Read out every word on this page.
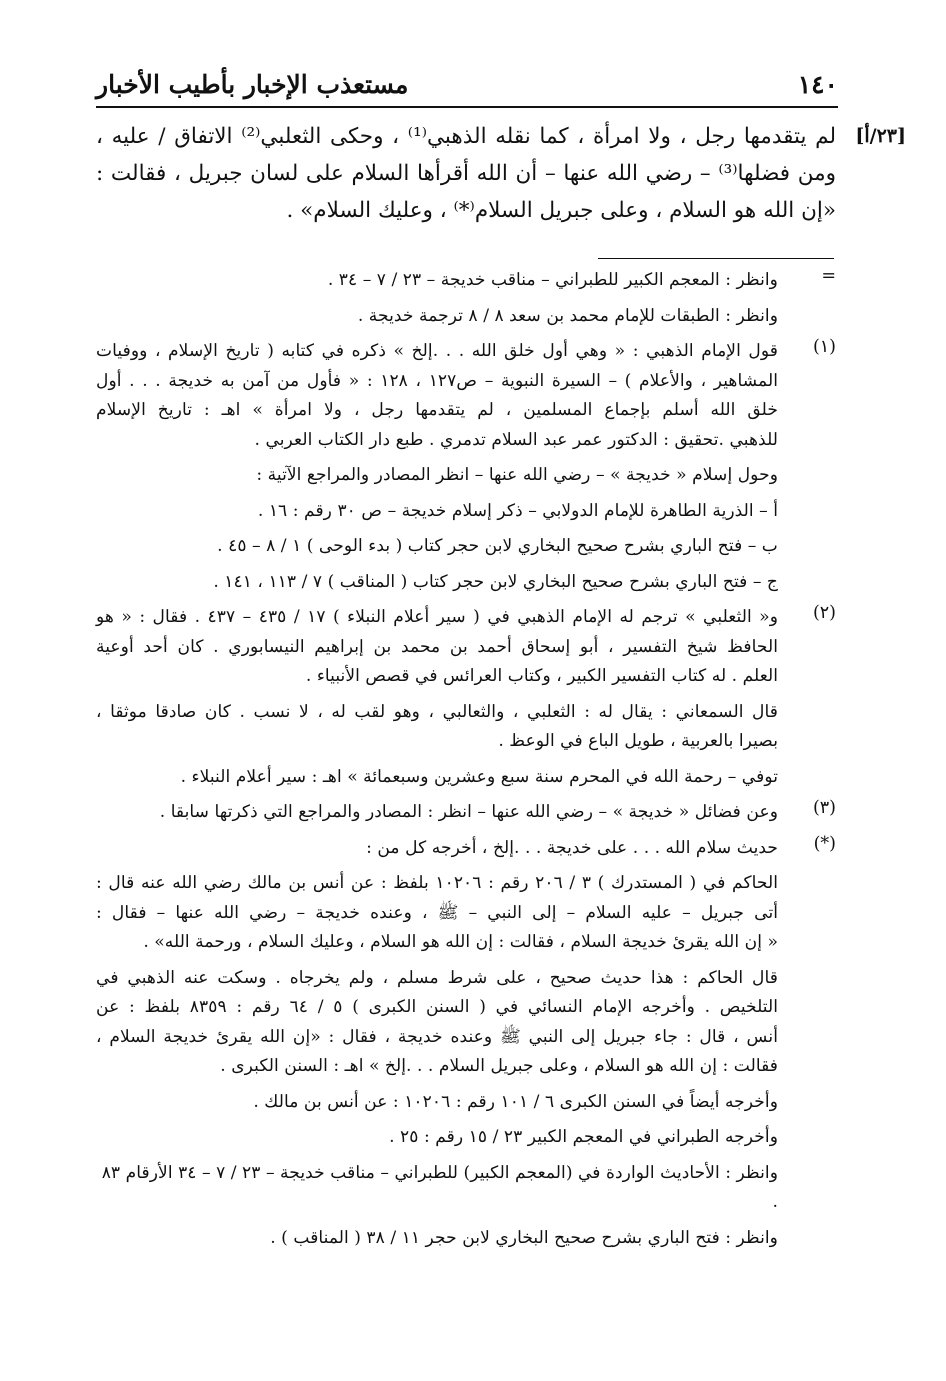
١٤٠
مستعذب الإخبار بأطيب الأخبار
[٢٣/أ]
لم يتقدمها رجل ، ولا امرأة ، كما نقله الذهبي⁽¹⁾ ، وحكى الثعلبي⁽²⁾ الاتفاق / عليه ،
ومن فضلها⁽³⁾ – رضي الله عنها – أن الله أقرأها السلام على لسان جبريل ، فقالت :
«إن الله هو السلام ، وعلى جبريل السلام⁽*⁾ ، وعليك السلام» .
=

وانظر : المعجم الكبير للطبراني – مناقب خديجة – ٢٣ / ٧ – ٣٤ .

وانظر : الطبقات للإمام محمد بن سعد ٨ / ٨ ترجمة خديجة .

(١)

قول الإمام الذهبي : « وهي أول خلق الله . . .إلخ » ذكره في كتابه ( تاريخ الإسلام ، ووفيات

المشاهير ، والأعلام ) – السيرة النبوية – ص١٢٧ ، ١٢٨ : « فأول من آمن به خديجة . . . أول

خلق الله أسلم بإجماع المسلمين ، لم يتقدمها رجل ، ولا امرأة » اهـ : تاريخ الإسلام

للذهبي .تحقيق : الدكتور عمر عبد السلام تدمري . طبع دار الكتاب العربي .

وحول إسلام « خديجة » – رضي الله عنها – انظر المصادر والمراجع الآتية :

أ – الذرية الطاهرة للإمام الدولابي – ذكر إسلام خديجة – ص ٣٠ رقم : ١٦ .

ب – فتح الباري بشرح صحيح البخاري لابن حجر كتاب ( بدء الوحى ) ١ / ٨ – ٤٥ .

ج – فتح الباري بشرح صحيح البخاري لابن حجر كتاب ( المناقب ) ٧ / ١١٣ ، ١٤١ .

(٢)

و« الثعلبي » ترجم له الإمام الذهبي في ( سير أعلام النبلاء ) ١٧ / ٤٣٥ – ٤٣٧ . فقال : « هو

الحافظ شيخ التفسير ، أبو إسحاق أحمد بن محمد بن إبراهيم النيسابوري . كان أحد أوعية

العلم . له كتاب التفسير الكبير ، وكتاب العرائس في قصص الأنبياء .

قال السمعاني : يقال له : الثعلبي ، والثعالبي ، وهو لقب له ، لا نسب . كان صادقا موثقا ،

بصيرا بالعربية ، طويل الباع في الوعظ .

توفي – رحمة الله في المحرم سنة سبع وعشرين وسبعمائة » اهـ : سير أعلام النبلاء .

(٣)

وعن فضائل « خديجة » – رضي الله عنها – انظر : المصادر والمراجع التي ذكرتها سابقا .

(*)

حديث سلام الله . . . على خديجة . . .إلخ ، أخرجه كل من :

الحاكم في ( المستدرك ) ٣ / ٢٠٦ رقم : ١٠٢٠٦ بلفظ : عن أنس بن مالك رضي الله عنه قال :

أتى جبريل – عليه السلام – إلى النبي – ﷺ ، وعنده خديجة – رضي الله عنها – فقال :

« إن الله يقرئ خديجة السلام ، فقالت : إن الله هو السلام ، وعليك السلام ، ورحمة الله» .

قال الحاكم : هذا حديث صحيح ، على شرط مسلم ، ولم يخرجاه . وسكت عنه الذهبي في

التلخيص . وأخرجه الإمام النسائي في ( السنن الكبرى ) ٥ / ٦٤ رقم : ٨٣٥٩ بلفظ : عن

أنس ، قال : جاء جبريل إلى النبي ﷺ وعنده خديجة ، فقال : «إن الله يقرئ خديجة السلام ،

فقالت : إن الله هو السلام ، وعلى جبريل السلام . . .إلخ » اهـ : السنن الكبرى .

وأخرجه أيضاً في السنن الكبرى ٦ / ١٠١ رقم : ١٠٢٠٦ : عن أنس بن مالك .

وأخرجه الطبراني في المعجم الكبير ٢٣ / ١٥ رقم : ٢٥ .

وانظر : الأحاديث الواردة في (المعجم الكبير) للطبراني – مناقب خديجة – ٢٣ / ٧ – ٣٤ الأرقام ٨٣ .

وانظر : فتح الباري بشرح صحيح البخاري لابن حجر ١١ / ٣٨ ( المناقب ) .
